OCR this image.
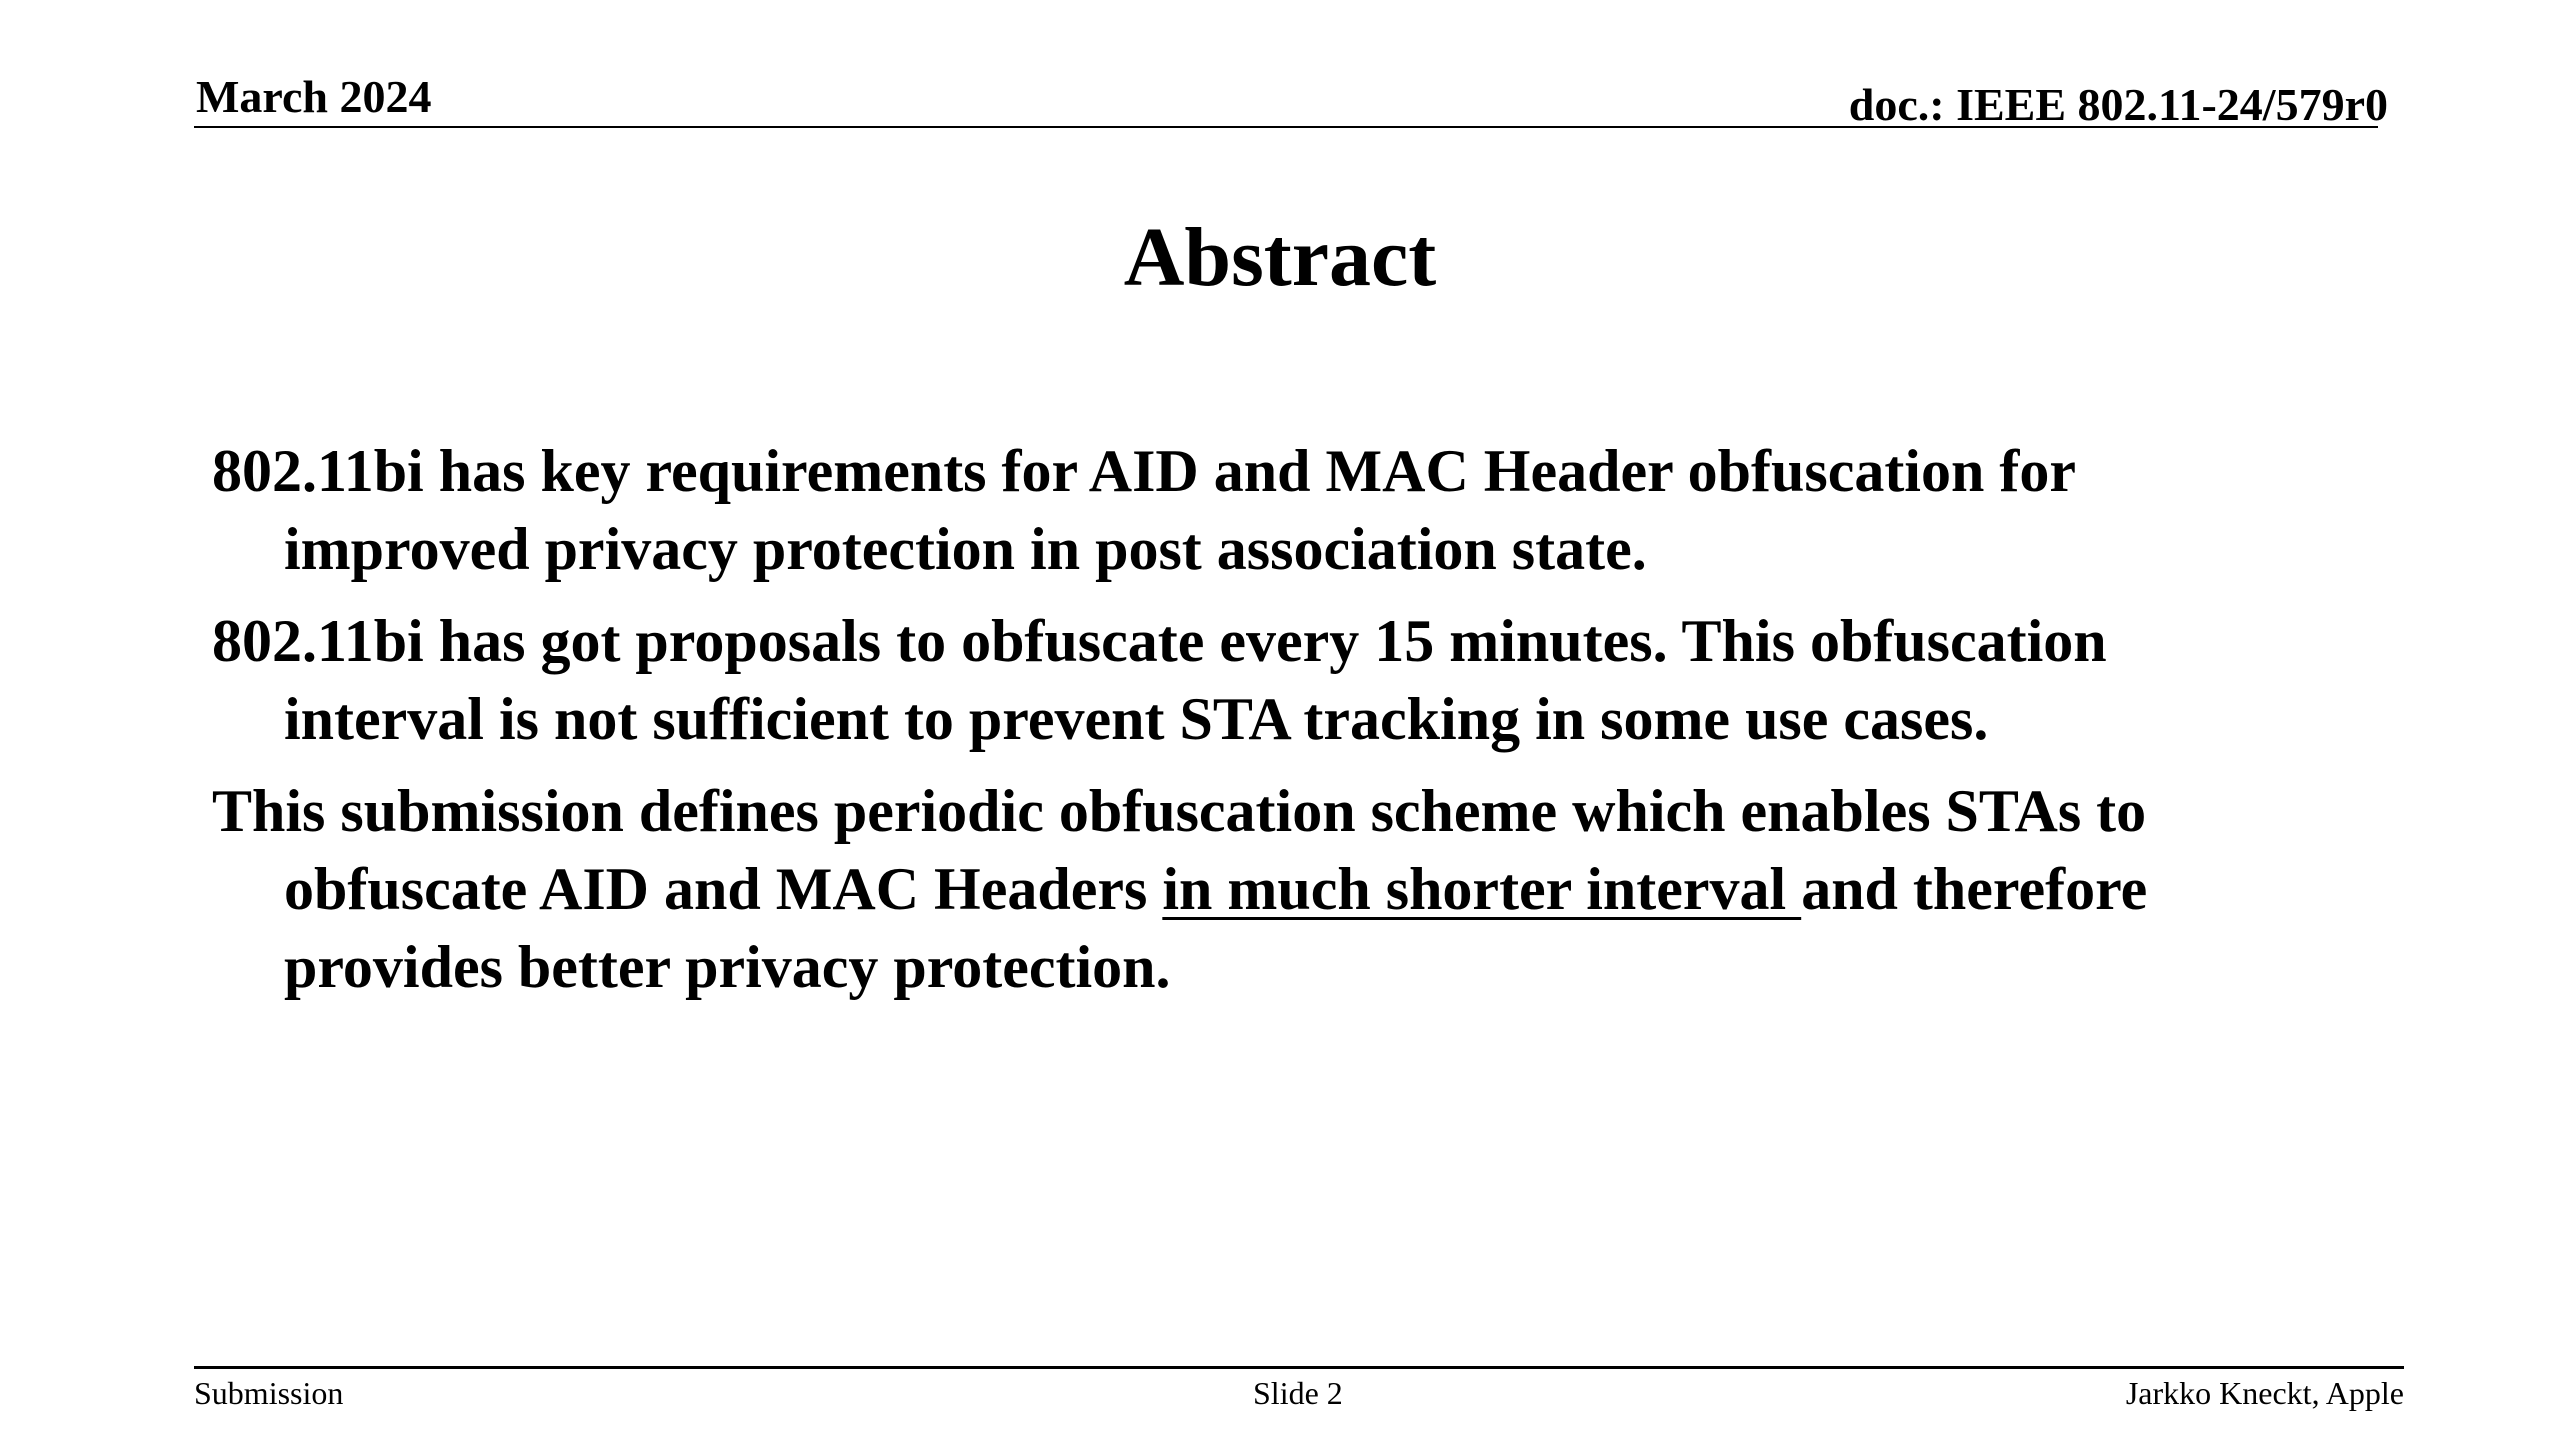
March 2024	doc.: IEEE 802.11-24/579r0
Abstract
802.11bi has key requirements for AID and MAC Header obfuscation for improved privacy protection in post association state.
802.11bi has got proposals to obfuscate every 15 minutes. This obfuscation interval is not sufficient to prevent STA tracking in some use cases.
This submission defines periodic obfuscation scheme which enables STAs to obfuscate AID and MAC Headers in much shorter interval and therefore provides better privacy protection.
Submission	Slide 2	Jarkko Kneckt, Apple
